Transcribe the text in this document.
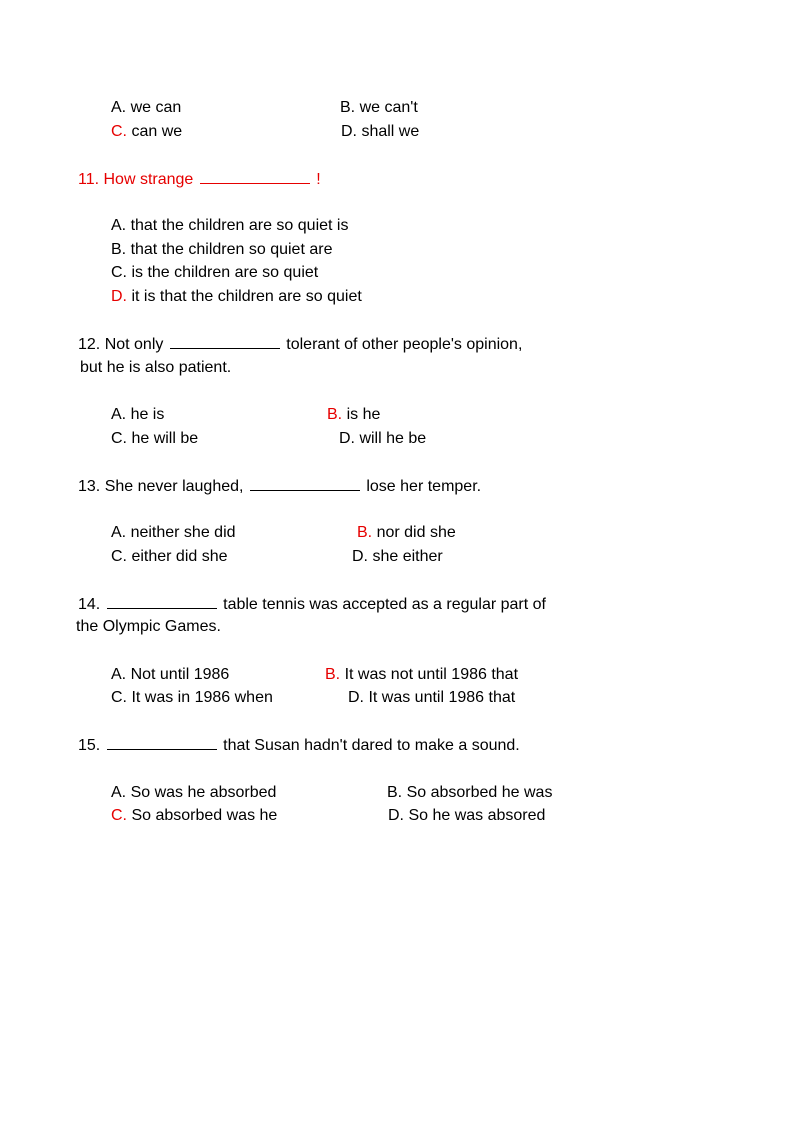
A. we can	B. we can't
C. can we	D. shall we
11. How strange	!
A. that the children are so quiet is
B. that the children so quiet are
C. is the children are so quiet
D. it is that the children are so quiet
12. Not only	tolerant of other people's opinion,
but he is also patient.
A. he is	B. is he
C. he will be	D. will he be
13. She never laughed,	lose her temper.
A. neither she did	B. nor did she
C. either did she	D. she either
14.	table tennis was accepted as a regular part of
the Olympic Games.
A. Not until 1986	B. It was not until 1986 that
C. It was in 1986 when	D. It was until 1986 that
15.	that Susan hadn't dared to make a sound.
A. So was he absorbed	B. So absorbed he was
C. So absorbed was he	D. So he was absored
